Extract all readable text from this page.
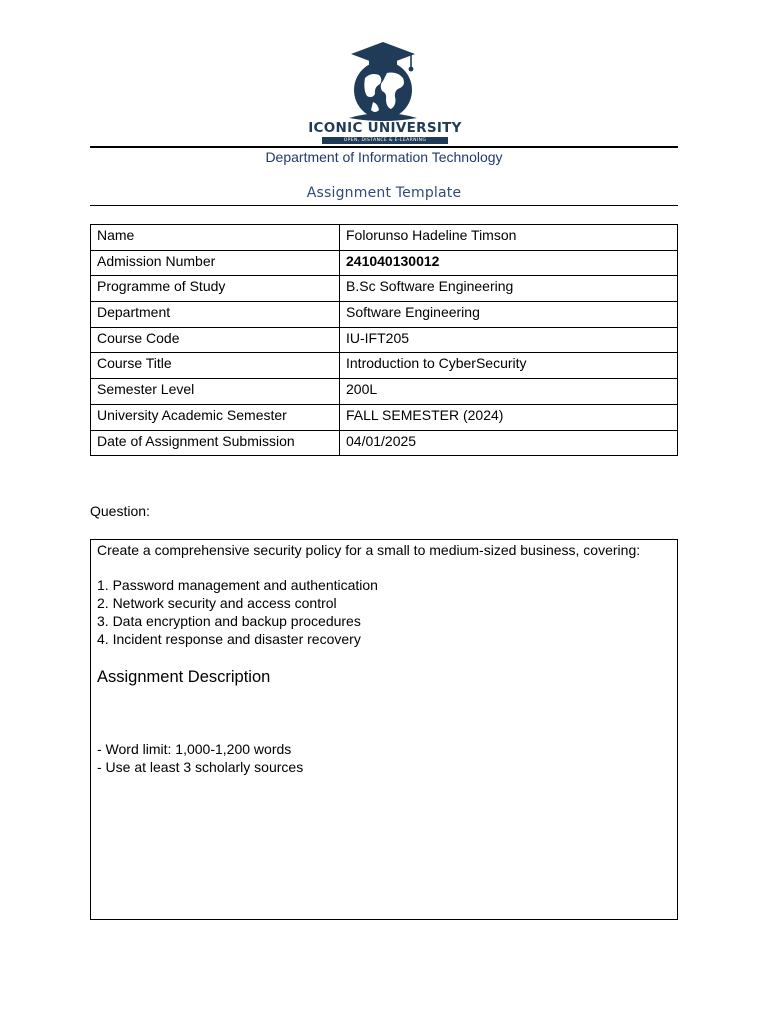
ICONIC UNIVERSITY
OPEN, DISTANCE & E-LEARNING
Department of Information Technology
Assignment Template
Name	Folorunso Hadeline Timson
Admission Number	241040130012
Programme of Study	B.Sc Software Engineering
Department	Software Engineering
Course Code	IU-IFT205
Course Title	Introduction to CyberSecurity
Semester Level	200L
University Academic Semester	FALL SEMESTER (2024)
Date of Assignment Submission	04/01/2025
Question:

Create a comprehensive security policy for a small to medium-sized business, covering:

1. Password management and authentication
2. Network security and access control
3. Data encryption and backup procedures
4. Incident response and disaster recovery
Assignment Description
- Word limit: 1,000-1,200 words
- Use at least 3 scholarly sources
